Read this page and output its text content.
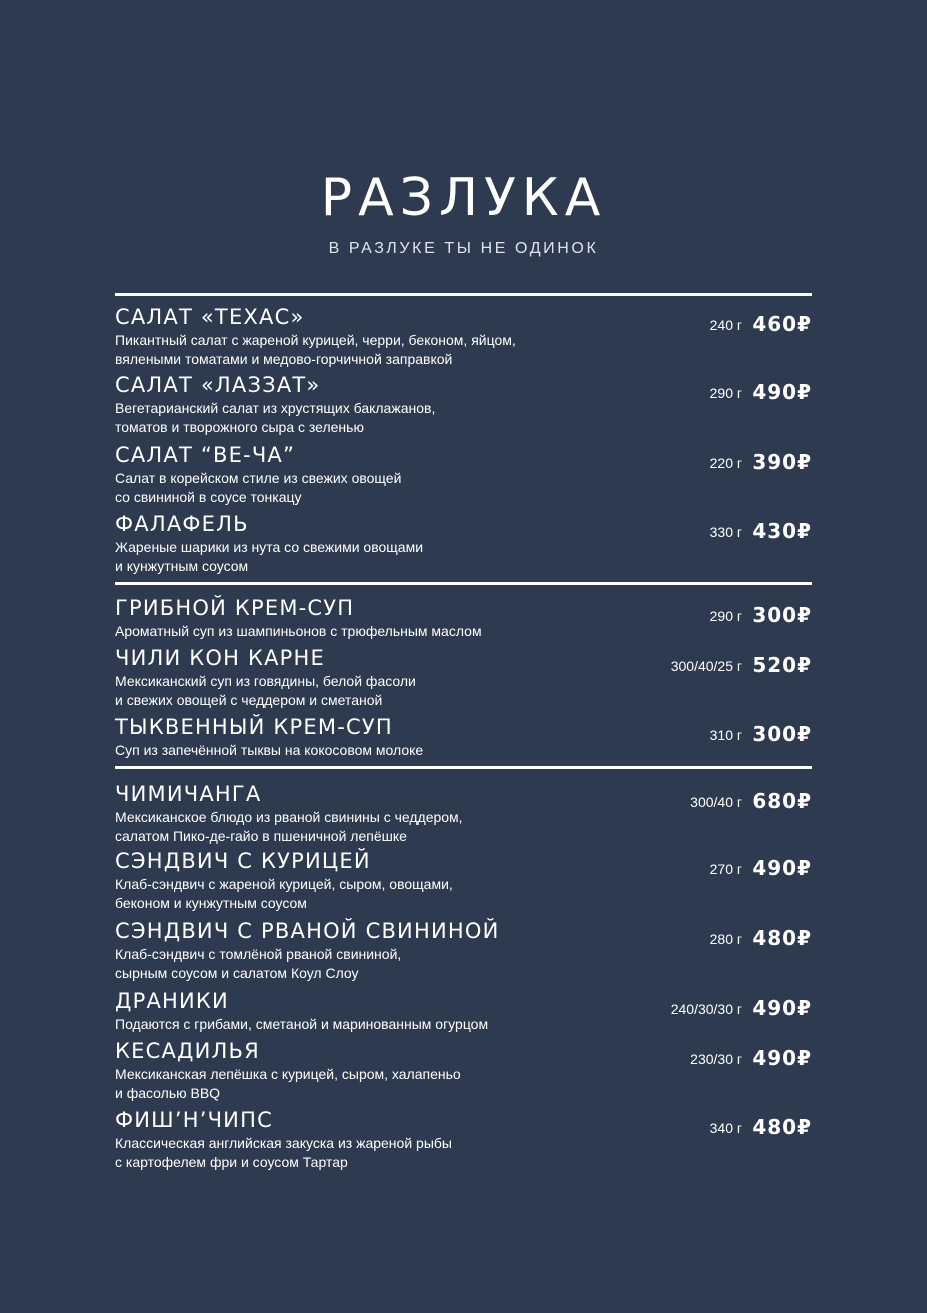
РАЗЛУКА
В РАЗЛУКЕ ТЫ НЕ ОДИНОК
САЛАТ «ТЕХАС»
Пикантный салат с жареной курицей, черри, беконом, яйцом,
вялеными томатами и медово-горчичной заправкой
240 г 460₽
САЛАТ «ЛАЗЗАТ»
Вегетарианский салат из хрустящих баклажанов,
томатов и творожного сыра с зеленью
290 г 490₽
САЛАТ “ВЕ-ЧА”
Салат в корейском стиле из свежих овощей
со свининой в соусе тонкацу
220 г 390₽
ФАЛАФЕЛЬ
Жареные шарики из нута со свежими овощами
и кунжутным соусом
330 г 430₽
ГРИБНОЙ КРЕМ-СУП
Ароматный суп из шампиньонов с трюфельным маслом
290 г 300₽
ЧИЛИ КОН КАРНЕ
Мексиканский суп из говядины, белой фасоли
и свежих овощей с чеддером и сметаной
300/40/25 г 520₽
ТЫКВЕННЫЙ КРЕМ-СУП
Суп из запечённой тыквы на кокосовом молоке
310 г 300₽
ЧИМИЧАНГА
Мексиканское блюдо из рваной свинины с чеддером,
салатом Пико-де-гайо в пшеничной лепёшке
300/40 г 680₽
СЭНДВИЧ С КУРИЦЕЙ
Клаб-сэндвич с жареной курицей, сыром, овощами,
беконом и кунжутным соусом
270 г 490₽
СЭНДВИЧ С РВАНОЙ СВИНИНОЙ
Клаб-сэндвич с томлёной рваной свининой,
сырным соусом и салатом Коул Слоу
280 г 480₽
ДРАНИКИ
Подаются с грибами, сметаной и маринованным огурцом
240/30/30 г 490₽
КЕСАДИЛЬЯ
Мексиканская лепёшка с курицей, сыром, халапеньо
и фасолью BBQ
230/30 г 490₽
ФИШ’Н’ЧИПС
Классическая английская закуска из жареной рыбы
с картофелем фри и соусом Тартар
340 г 480₽
